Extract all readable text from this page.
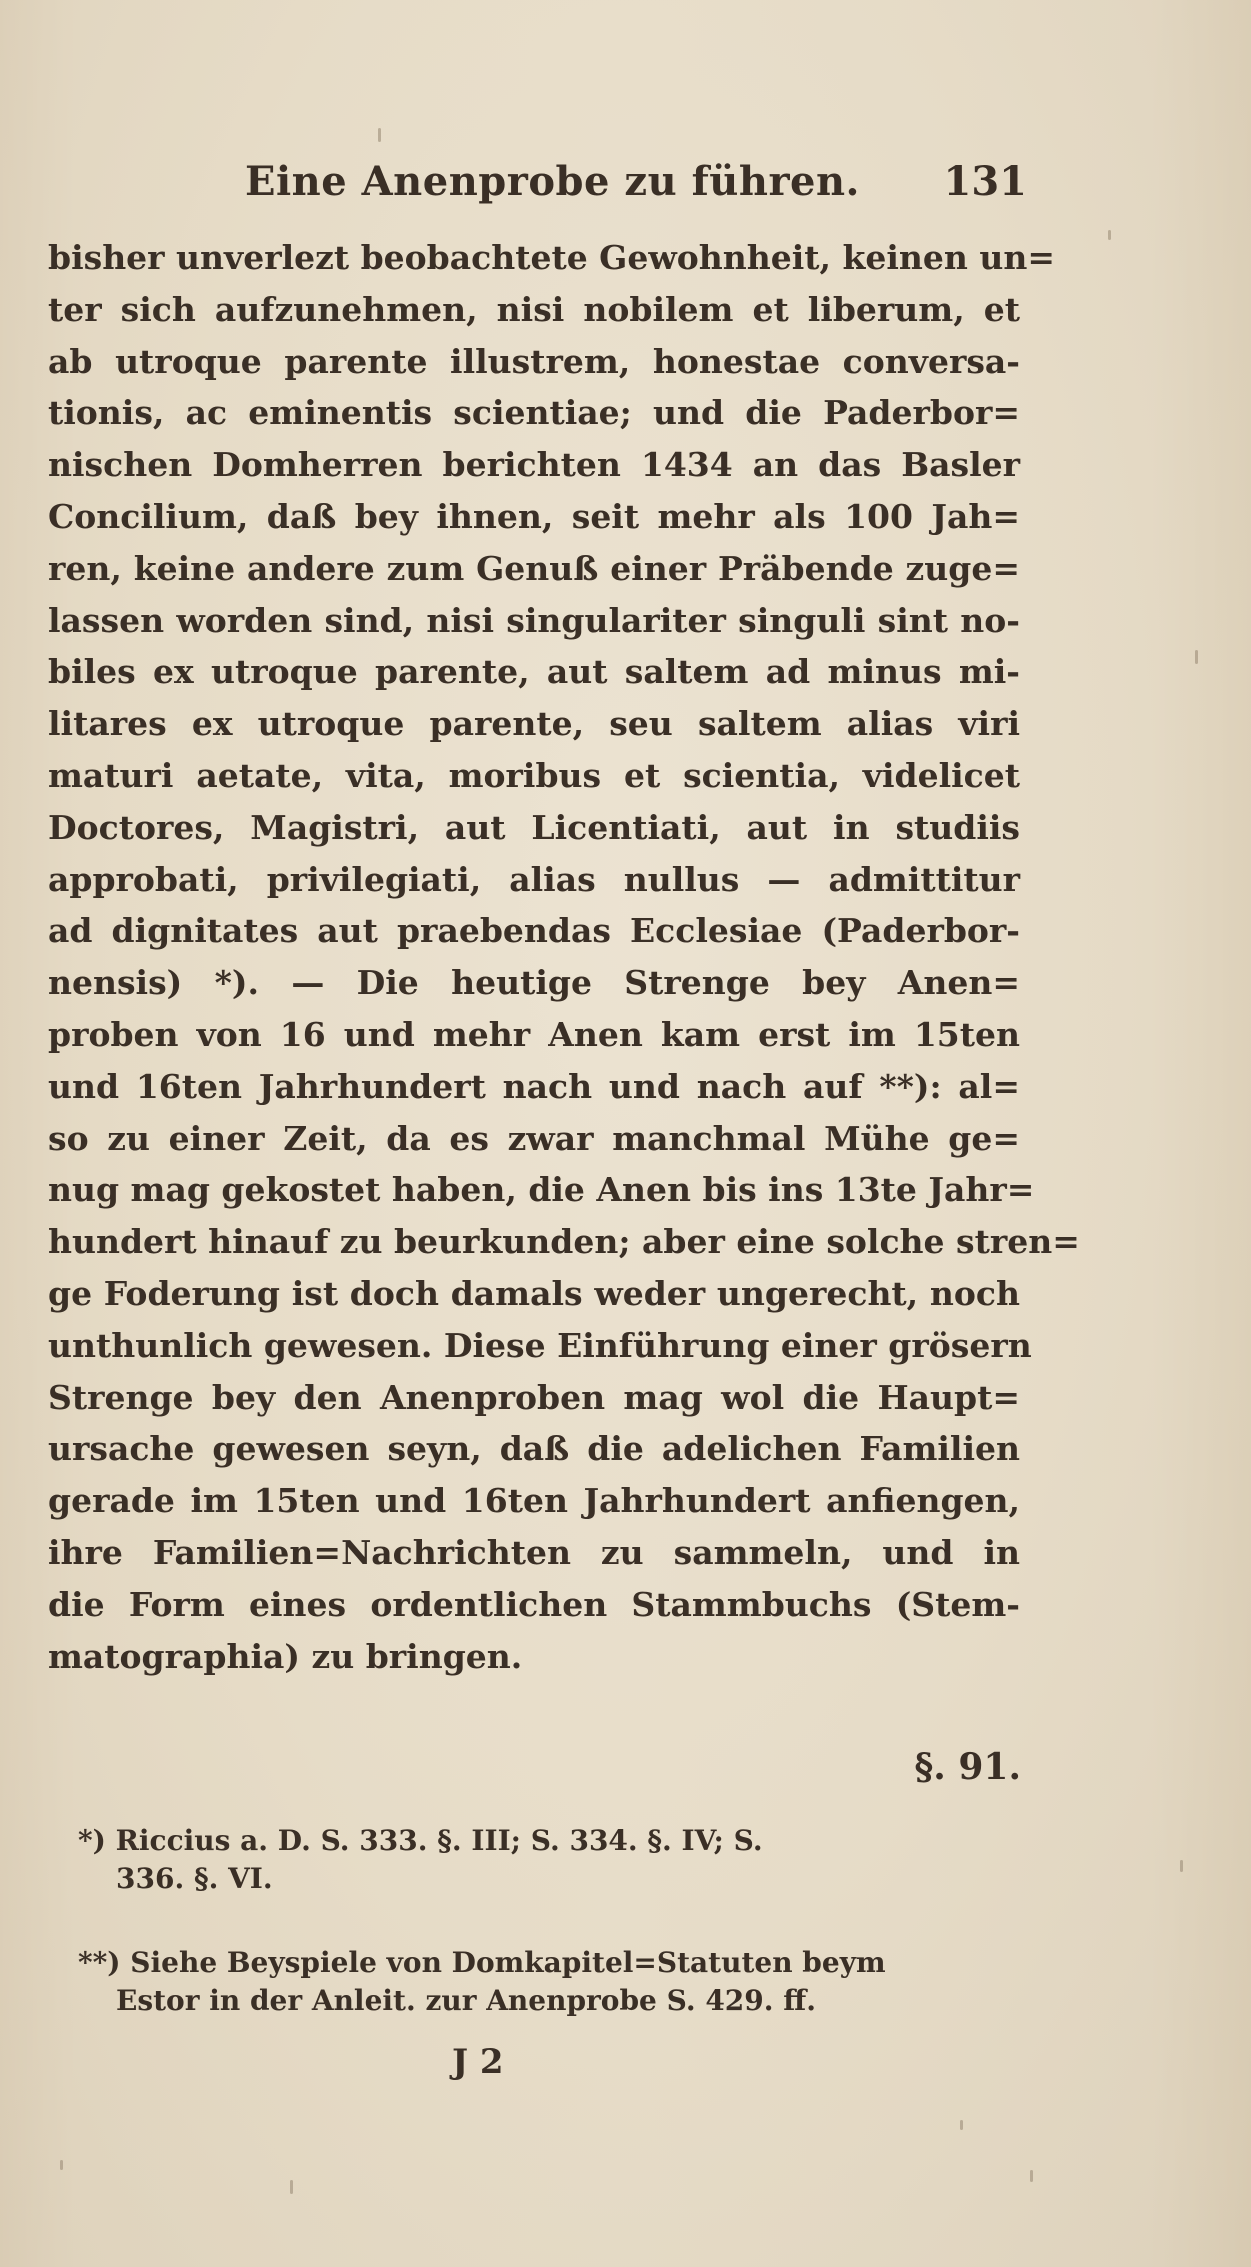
Eine Anenprobe zu führen. 131
bisher unverlezt beobachtete Gewohnheit, keinen un=
ter sich aufzunehmen, nisi nobilem et liberum, et
ab utroque parente illustrem, honestae conversa-
tionis, ac eminentis scientiae; und die Paderbor=
nischen Domherren berichten 1434 an das Basler
Concilium, daß bey ihnen, seit mehr als 100 Jah=
ren, keine andere zum Genuß einer Präbende zuge=
lassen worden sind, nisi singulariter singuli sint no-
biles ex utroque parente, aut saltem ad minus mi-
litares ex utroque parente, seu saltem alias viri
maturi aetate, vita, moribus et scientia, videlicet
Doctores, Magistri, aut Licentiati, aut in studiis
approbati, privilegiati, alias nullus — admittitur
ad dignitates aut praebendas Ecclesiae (Paderbor-
nensis) *). — Die heutige Strenge bey Anen=
proben von 16 und mehr Anen kam erst im 15ten
und 16ten Jahrhundert nach und nach auf **): al=
so zu einer Zeit, da es zwar manchmal Mühe ge=
nug mag gekostet haben, die Anen bis ins 13te Jahr=
hundert hinauf zu beurkunden; aber eine solche stren=
ge Foderung ist doch damals weder ungerecht, noch
unthunlich gewesen. Diese Einführung einer grösern
Strenge bey den Anenproben mag wol die Haupt=
ursache gewesen seyn, daß die adelichen Familien
gerade im 15ten und 16ten Jahrhundert anfiengen,
ihre Familien=Nachrichten zu sammeln, und in
die Form eines ordentlichen Stammbuchs (Stem-
matographia) zu bringen.
§. 91.
*) Riccius a. D. S. 333. §. III; S. 334. §. IV; S.
336. §. VI.
**) Siehe Beyspiele von Domkapitel=Statuten beym
Estor in der Anleit. zur Anenprobe S. 429. ff.
J 2
